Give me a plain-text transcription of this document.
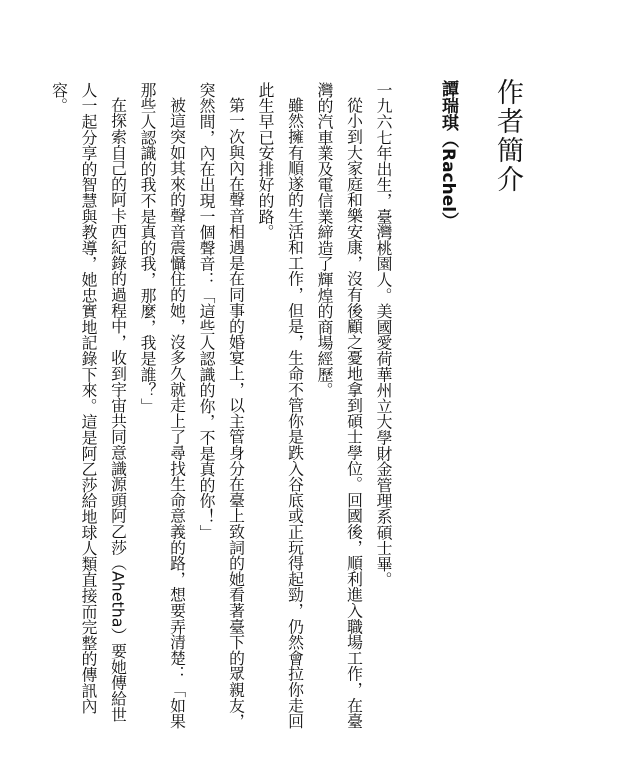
作者簡介
譚瑞琪（Rachel）

一九六七年出生，臺灣桃園人。美國愛荷華州立大學財金管理系碩士畢。

從小到大家庭和樂安康，沒有後顧之憂地拿到碩士學位。回國後，順利進入職場工作，在臺灣的汽車業及電信業締造了輝煌的商場經歷。

雖然擁有順遂的生活和工作，但是，生命不管你是跌入谷底或正玩得起勁，仍然會拉你走回此生早已安排好的路。

第一次與內在聲音相遇是在同事的婚宴上，以主管身分在臺上致詞的她看著臺下的眾親友，突然間，內在出現一個聲音：「這些人認識的你，不是真的你！」

被這突如其來的聲音震懾住的她，沒多久就走上了尋找生命意義的路，想要弄清楚：「如果那些人認識的我不是真的我，那麼，我是誰？」

在探索自己的阿卡西紀錄的過程中，收到宇宙共同意識源頭阿乙莎（Ahetha）要她傳給世人一起分享的智慧與教導，她忠實地記錄下來。這是阿乙莎給地球人類直接而完整的傳訊內容。
